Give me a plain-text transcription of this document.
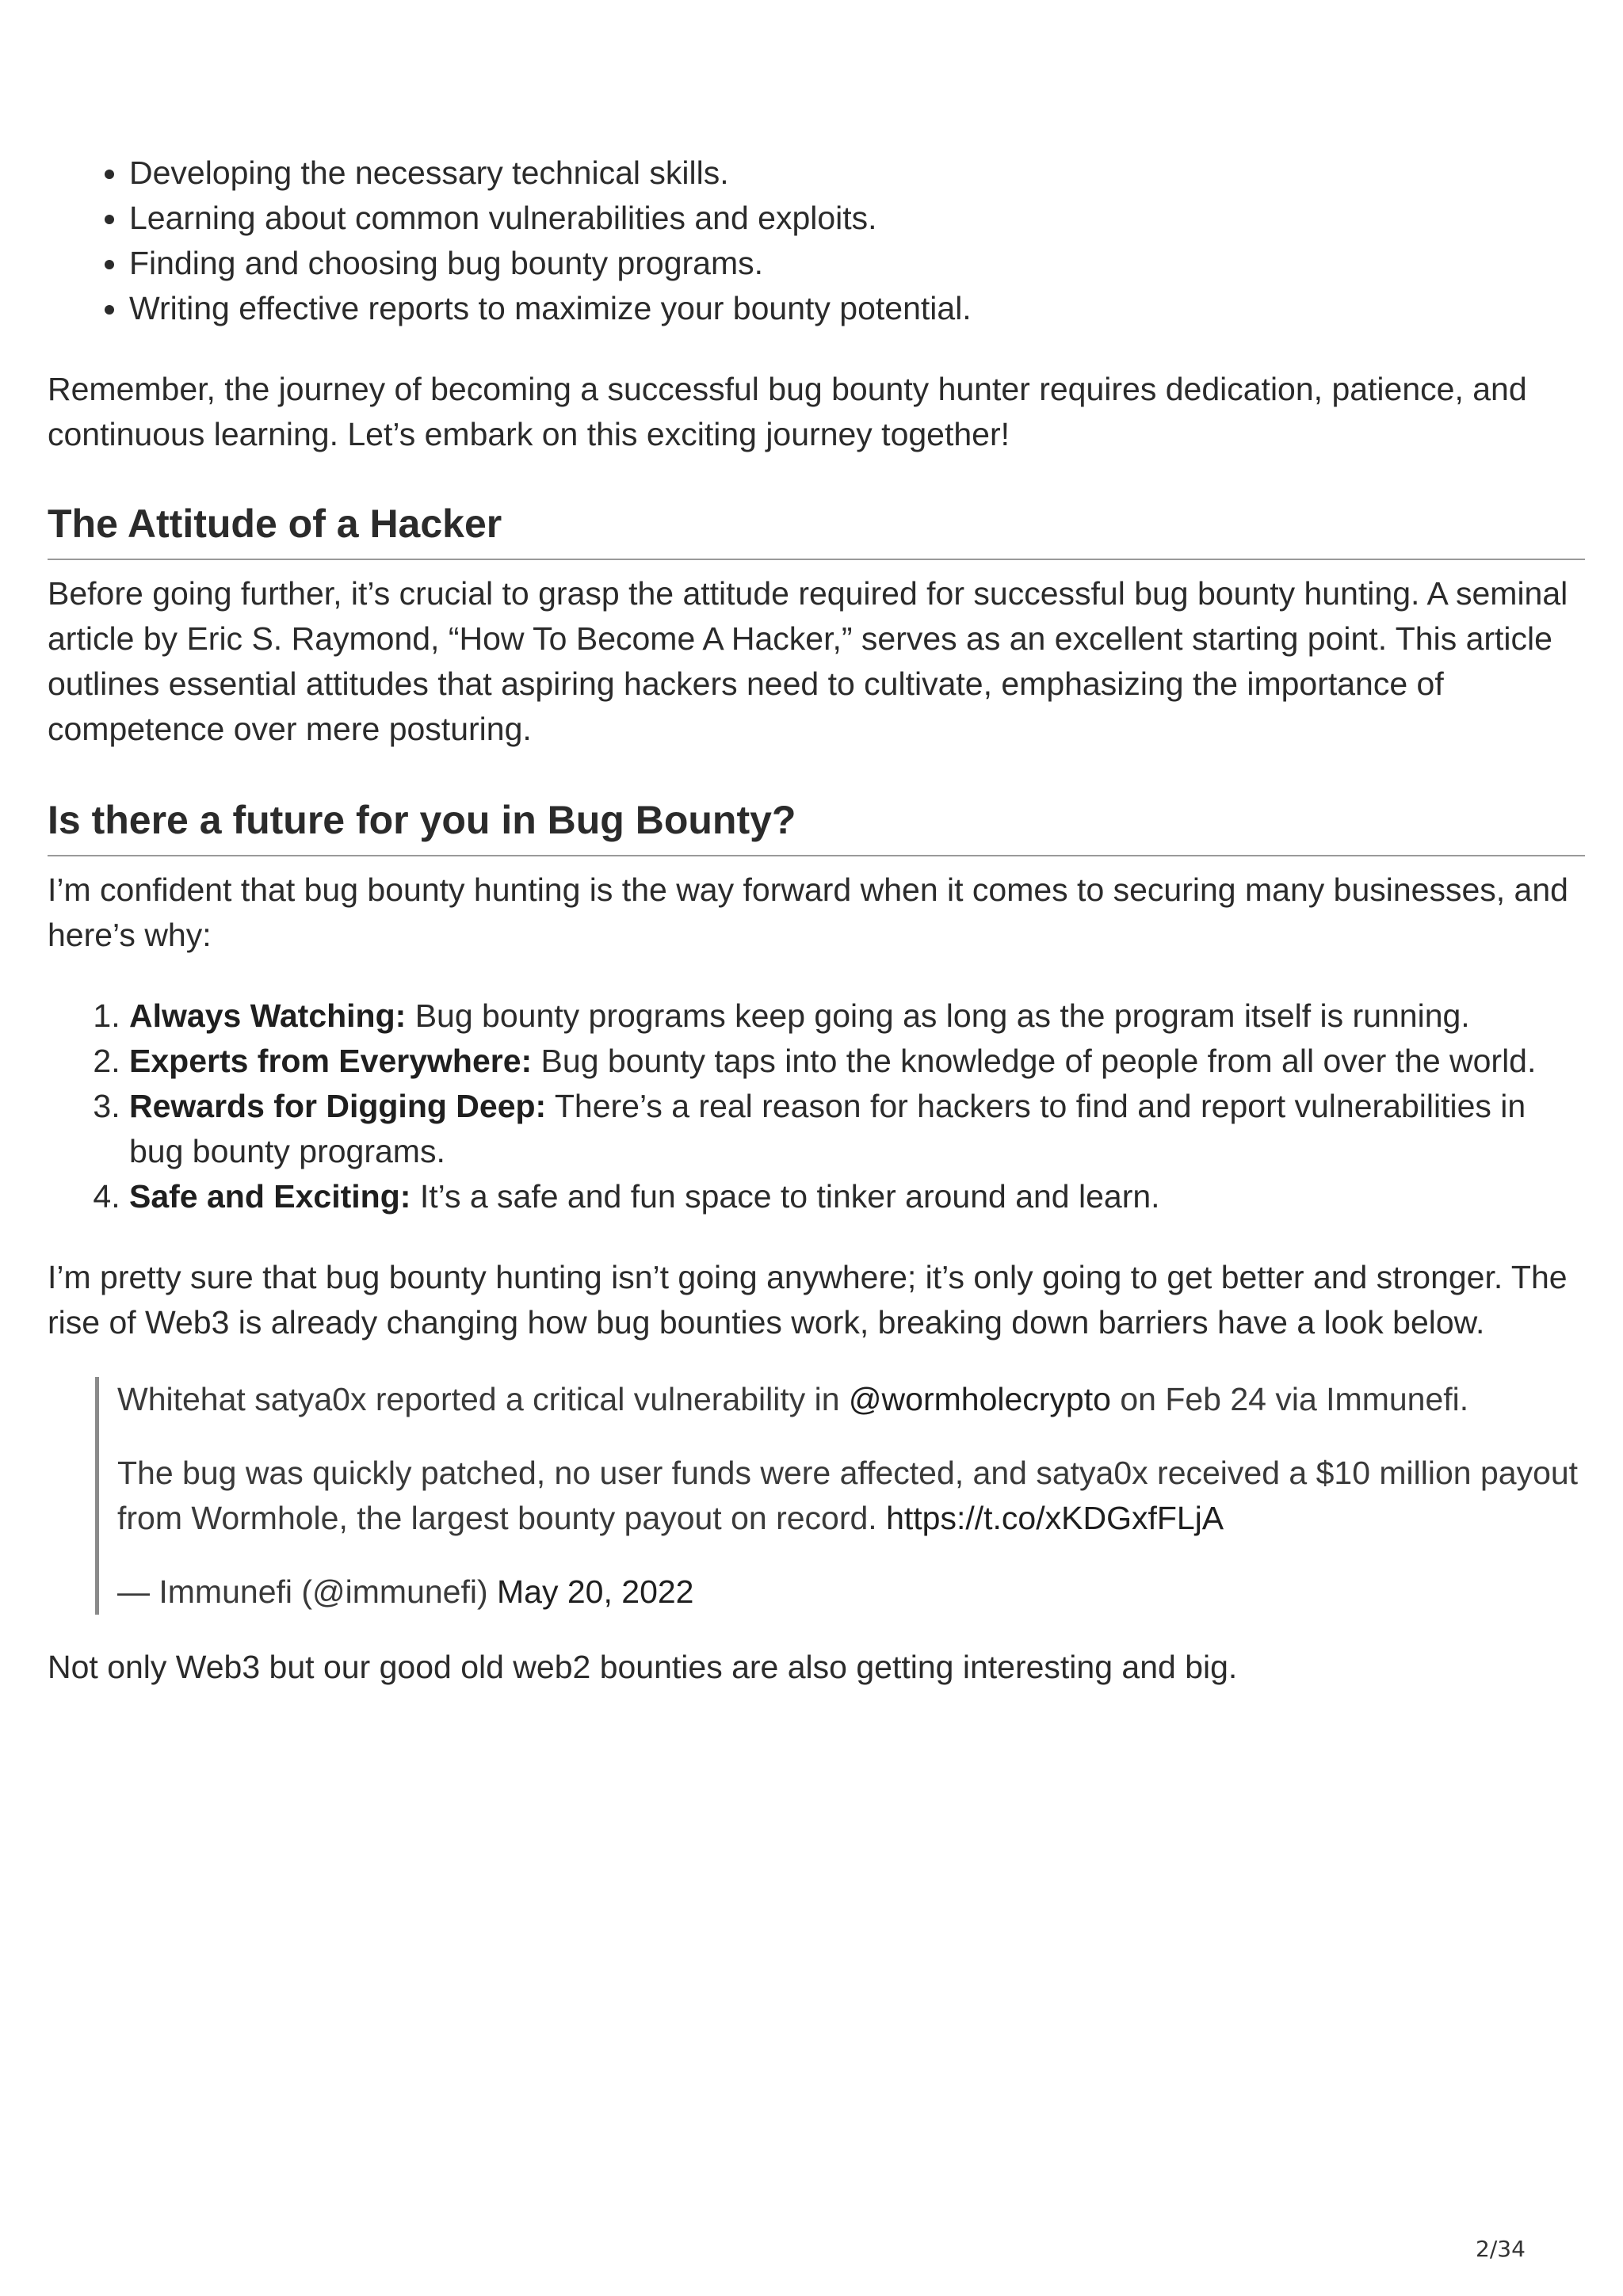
• Developing the necessary technical skills.
• Learning about common vulnerabilities and exploits.
• Finding and choosing bug bounty programs.
• Writing effective reports to maximize your bounty potential.

Remember, the journey of becoming a successful bug bounty hunter requires dedication, patience, and continuous learning. Let’s embark on this exciting journey together!

The Attitude of a Hacker

Before going further, it’s crucial to grasp the attitude required for successful bug bounty hunting. A seminal article by Eric S. Raymond, “How To Become A Hacker,” serves as an excellent starting point. This article outlines essential attitudes that aspiring hackers need to cultivate, emphasizing the importance of competence over mere posturing.

Is there a future for you in Bug Bounty?

I’m confident that bug bounty hunting is the way forward when it comes to securing many businesses, and here’s why:

1. Always Watching: Bug bounty programs keep going as long as the program itself is running.
2. Experts from Everywhere: Bug bounty taps into the knowledge of people from all over the world.
3. Rewards for Digging Deep: There’s a real reason for hackers to find and report vulnerabilities in bug bounty programs.
4. Safe and Exciting: It’s a safe and fun space to tinker around and learn.

I’m pretty sure that bug bounty hunting isn’t going anywhere; it’s only going to get better and stronger. The rise of Web3 is already changing how bug bounties work, breaking down barriers have a look below.

Whitehat satya0x reported a critical vulnerability in @wormholecrypto on Feb 24 via Immunefi.

The bug was quickly patched, no user funds were affected, and satya0x received a $10 million payout from Wormhole, the largest bounty payout on record. https://t.co/xKDGxfFLjA

— Immunefi (@immunefi) May 20, 2022

Not only Web3 but our good old web2 bounties are also getting interesting and big.

2/34
